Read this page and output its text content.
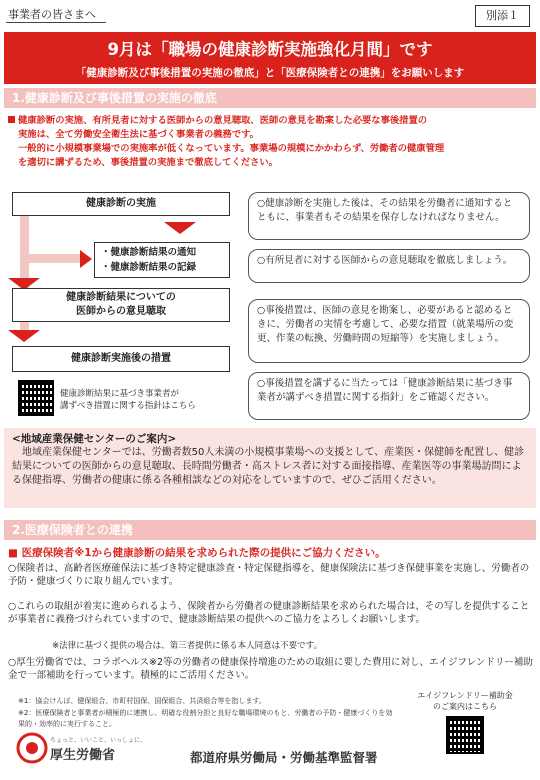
事業者の皆さまへ	別添１
9月は「職場の健康診断実施強化月間」です
「健康診断及び事後措置の実施の徹底」と「医療保険者との連携」をお願いします
1.健康診断及び事後措置の実施の徹底

健康診断の実施、有所見者に対する医師からの意見聴取、医師の意見を勘案した必要な事後措置の

実施は、全て労働安全衛生法に基づく事業者の義務です。

一般的に小規模事業場での実施率が低くなっています。事業場の規模にかかわらず、労働者の健康管理

を適切に講ずるため、事後措置の実施まで徹底してください。

健康診断の実施
・健康診断結果の通知
・健康診断結果の記録
健康診断結果についての
医師からの意見聴取
健康診断実施後の措置
○健康診断を実施した後は、その結果を労働者に通知するとともに、事業者もその結果を保存しなければなりません。
○有所見者に対する医師からの意見聴取を徹底しましょう。
○事後措置は、医師の意見を勘案し、必要があると認めるときに、労働者の実情を考慮して、必要な措置（就業場所の変更、作業の転換、労働時間の短縮等）を実施しましょう。
○事後措置を講ずるに当たっては「健康診断結果に基づき事業者が講ずべき措置に関する指針」をご確認ください。
健康診断結果に基づき事業者が
講ずべき措置に関する指針はこちら
<地域産業保健センターのご案内>
地域産業保健センターでは、労働者数50人未満の小規模事業場への支援として、産業医・保健師を配置し、健診結果についての医師からの意見聴取、長時間労働者・高ストレス者に対する面接指導、産業医等の事業場訪問による保健指導、労働者の健康に係る各種相談などの対応をしていますので、ぜひご活用ください。
2.医療保険者との連携
■ 医療保険者※1から健康診断の結果を求められた際の提供にご協力ください。
○保険者は、高齢者医療確保法に基づき特定健康診査・特定保健指導を、健康保険法に基づき保健事業を実施し、労働者の予防・健康づくりに取り組んでいます。
○これらの取組が着実に進められるよう、保険者から労働者の健康診断結果を求められた場合は、その写しを提供することが事業者に義務づけられていますので、健康診断結果の提供へのご協力をよろしくお願いします。
※法律に基づく提供の場合は、第三者提供に係る本人同意は不要です。
○厚生労働省では、コラボヘルス※2等の労働者の健康保持増進のための取組に要した費用に対し、エイジフレンドリー補助金で一部補助を行っています。積極的にご活用ください。
※1：協会けんぽ、健保組合、市町村国保、国保組合、共済組合等を指します。
※2：医療保険者と事業者が積極的に連携し、明確な役割分担と良好な職場環境のもと、労働者の予防・健康づくりを効果的・効率的に実行すること。
エイジフレンドリー補助金
のご案内はこちら
ちょっと、いいこと、いっしょに、
厚生労働省	都道府県労働局・労働基準監督署
